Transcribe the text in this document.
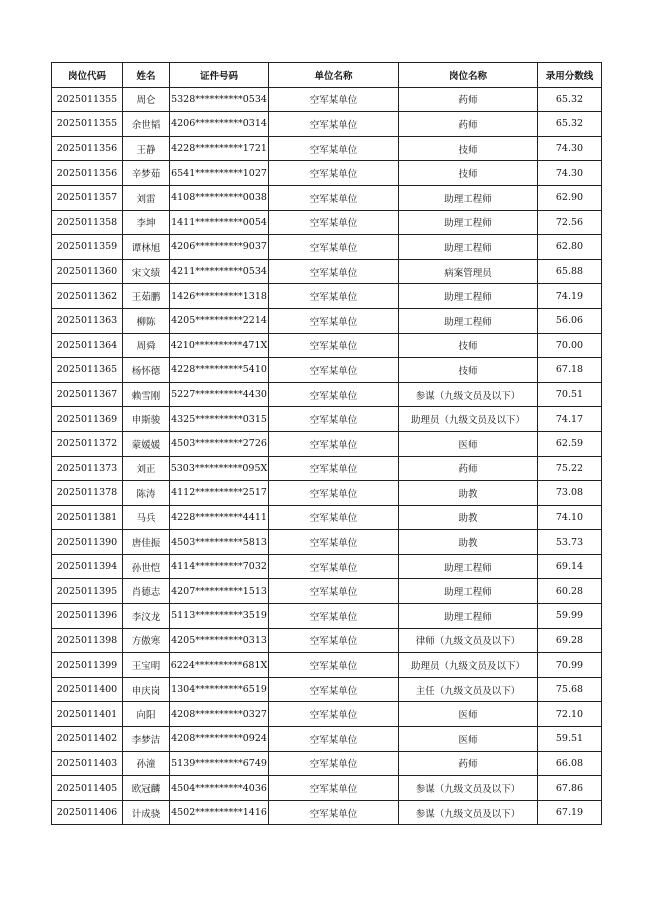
岗位代码	姓名	证件号码	单位名称	岗位名称	录用分数线
2025011355	周仑	5328**********0534	空军某单位	药师	65.32
2025011355	余世韬	4206**********0314	空军某单位	药师	65.32
2025011356	王静	4228**********1721	空军某单位	技师	74.30
2025011356	辛梦茹	6541**********1027	空军某单位	技师	74.30
2025011357	刘雷	4108**********0038	空军某单位	助理工程师	62.90
2025011358	李坤	1411**********0054	空军某单位	助理工程师	72.56
2025011359	谭林旭	4206**********9037	空军某单位	助理工程师	62.80
2025011360	宋文绩	4211**********0534	空军某单位	病案管理员	65.88
2025011362	王茹鹏	1426**********1318	空军某单位	助理工程师	74.19
2025011363	柳陈	4205**********2214	空军某单位	助理工程师	56.06
2025011364	周舜	4210**********471X	空军某单位	技师	70.00
2025011365	杨怀德	4228**********5410	空军某单位	技师	67.18
2025011367	赖雪刚	5227**********4430	空军某单位	参谋（九级文员及以下）	70.51
2025011369	申斯骏	4325**********0315	空军某单位	助理员（九级文员及以下）	74.17
2025011372	蒙媛媛	4503**********2726	空军某单位	医师	62.59
2025011373	刘正	5303**********095X	空军某单位	药师	75.22
2025011378	陈涛	4112**********2517	空军某单位	助教	73.08
2025011381	马兵	4228**********4411	空军某单位	助教	74.10
2025011390	唐佳振	4503**********5813	空军某单位	助教	53.73
2025011394	孙世恺	4114**********7032	空军某单位	助理工程师	69.14
2025011395	肖德志	4207**********1513	空军某单位	助理工程师	60.28
2025011396	李汶龙	5113**********3519	空军某单位	助理工程师	59.99
2025011398	方傲寒	4205**********0313	空军某单位	律师（九级文员及以下）	69.28
2025011399	王宝明	6224**********681X	空军某单位	助理员（九级文员及以下）	70.99
2025011400	申庆岗	1304**********6519	空军某单位	主任（九级文员及以下）	75.68
2025011401	向阳	4208**********0327	空军某单位	医师	72.10
2025011402	李梦洁	4208**********0924	空军某单位	医师	59.51
2025011403	孙潼	5139**********6749	空军某单位	药师	66.08
2025011405	欧冠麟	4504**********4036	空军某单位	参谋（九级文员及以下）	67.86
2025011406	计成骁	4502**********1416	空军某单位	参谋（九级文员及以下）	67.19
